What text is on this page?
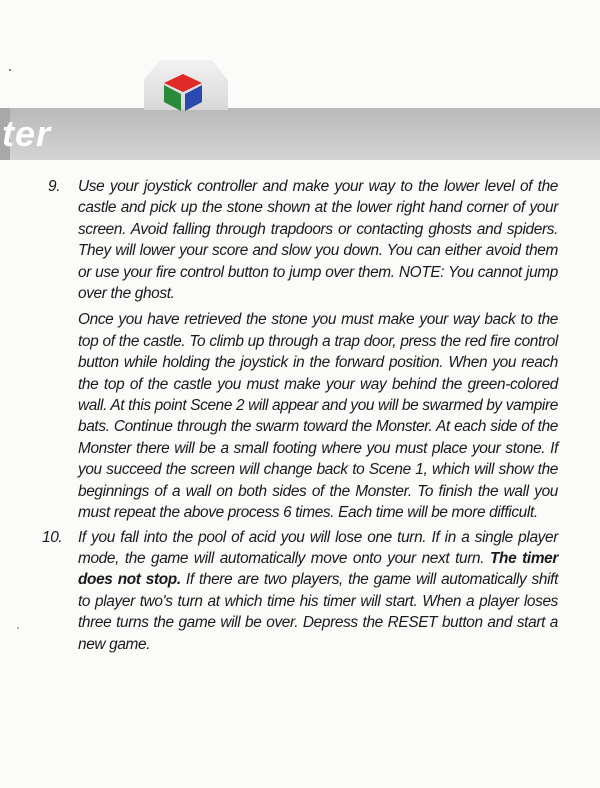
ter
9.	Use your joystick controller and make your way to the lower level of the castle and pick up the stone shown at the lower right hand corner of your screen. Avoid falling through trapdoors or contacting ghosts and spiders. They will lower your score and slow you down. You can either avoid them or use your fire control button to jump over them. NOTE: You cannot jump over the ghost.

Once you have retrieved the stone you must make your way back to the top of the castle. To climb up through a trap door, press the red fire control button while holding the joystick in the forward position. When you reach the top of the castle you must make your way behind the green-colored wall. At this point Scene 2 will appear and you will be swarmed by vampire bats. Continue through the swarm toward the Monster. At each side of the Monster there will be a small footing where you must place your stone. If you succeed the screen will change back to Scene 1, which will show the beginnings of a wall on both sides of the Monster. To finish the wall you must repeat the above process 6 times. Each time will be more difficult.

10.	If you fall into the pool of acid you will lose one turn. If in a single player mode, the game will automatically move onto your next turn. The timer does not stop. If there are two players, the game will automatically shift to player two's turn at which time his timer will start. When a player loses three turns the game will be over. Depress the RESET button and start a new game.
